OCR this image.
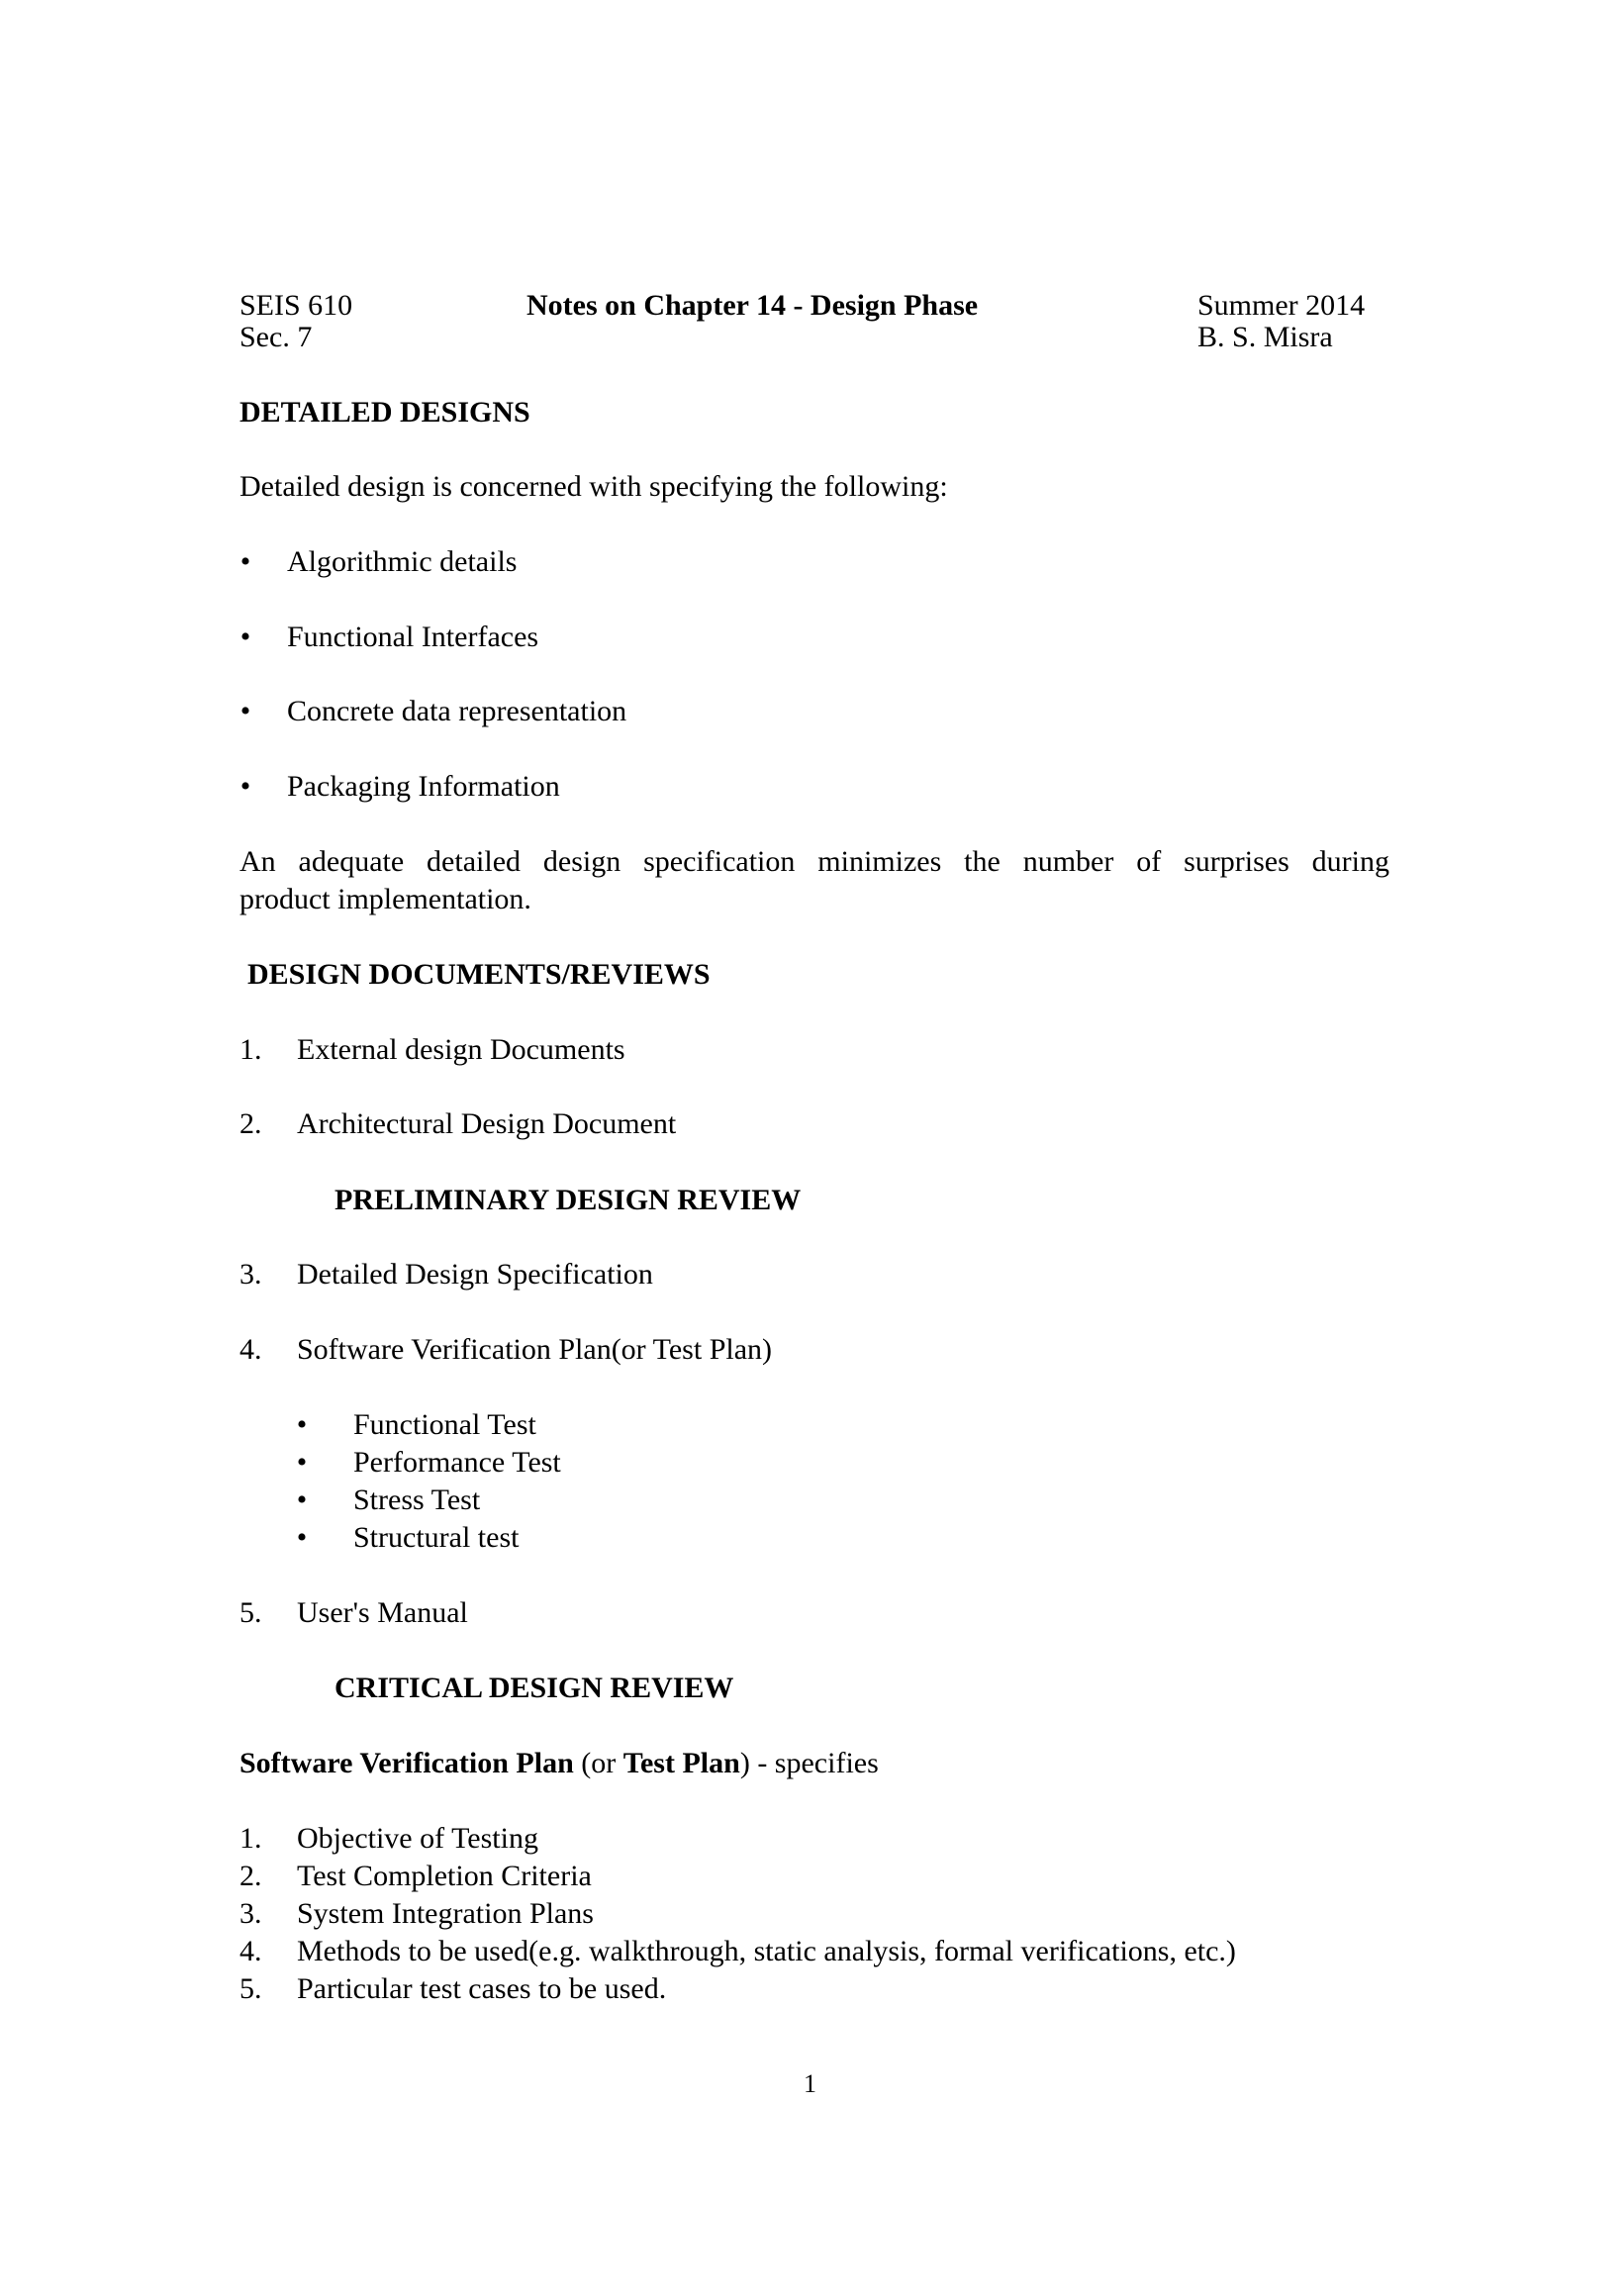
SEIS 610
Sec. 7
Notes on Chapter 14 - Design Phase	Summer 2014
B. S. Misra
DETAILED DESIGNS
Detailed design is concerned with specifying the following:
• Algorithmic details
• Functional Interfaces
• Concrete data representation
• Packaging Information
An adequate detailed design specification minimizes the number of surprises during
product implementation.
DESIGN DOCUMENTS/REVIEWS
1. External design Documents
2. Architectural Design Document
PRELIMINARY DESIGN REVIEW
3. Detailed Design Specification
4. Software Verification Plan(or Test Plan)
• Functional Test
• Performance Test
• Stress Test
• Structural test
5. User's Manual
CRITICAL DESIGN REVIEW
Software Verification Plan (or Test Plan) - specifies
1. Objective of Testing
2. Test Completion Criteria
3. System Integration Plans
4. Methods to be used(e.g. walkthrough, static analysis, formal verifications, etc.)
5. Particular test cases to be used.
1
